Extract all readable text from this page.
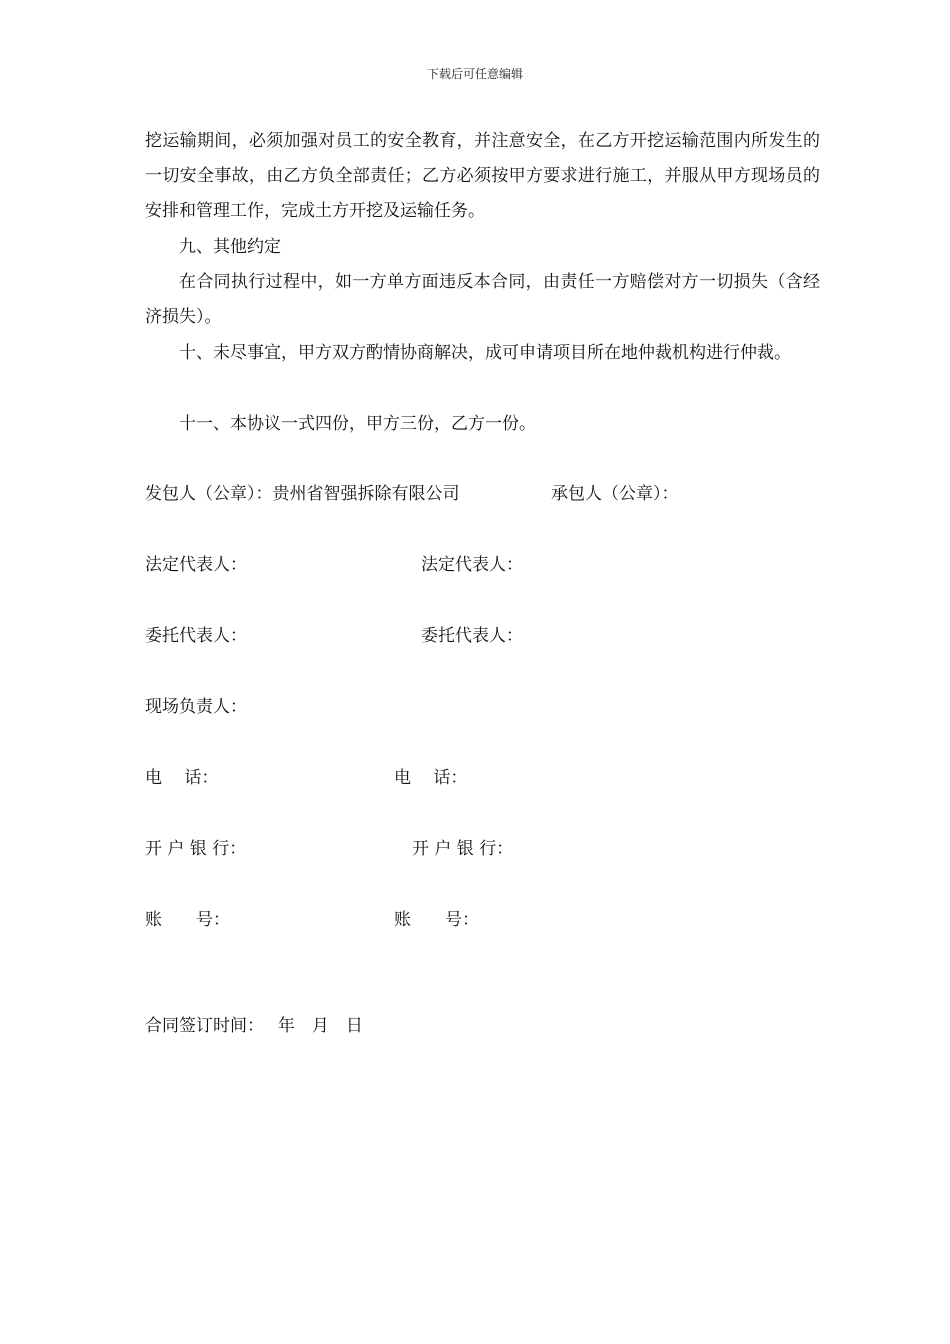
下载后可任意编辑
挖运输期间，必须加强对员工的安全教育，并注意安全，在乙方开挖运输范围内所发生的一切安全事故，由乙方负全部责任；乙方必须按甲方要求进行施工，并服从甲方现场员的安排和管理工作，完成土方开挖及运输任务。
九、其他约定
在合同执行过程中，如一方单方面违反本合同，由责任一方赔偿对方一切损失（含经济损失）。
十、未尽事宜，甲方双方酌情协商解决，成可申请项目所在地仲裁机构进行仲裁。
十一、本协议一式四份，甲方三份，乙方一份。
发包人（公章）：贵州省智强拆除有限公司	承包人（公章）：
法定代表人：	法定代表人：
委托代表人：	委托代表人：
现场负责人：
电　 话：	电　 话：
开 户 银 行：	开 户 银 行：
账　　号：	账　　号：
合同签订时间：　 年　月　日
